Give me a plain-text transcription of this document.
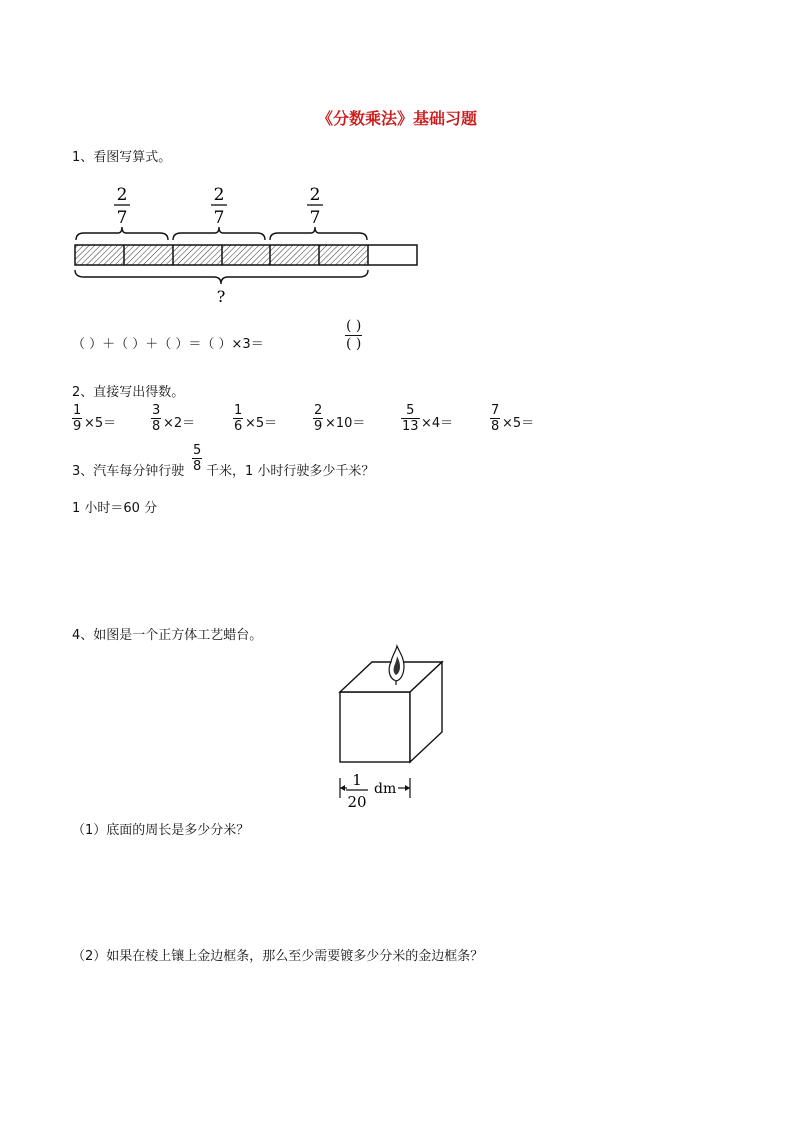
《分数乘法》基础习题
1、看图写算式。
2
7
2
7
2
7
?
（ ）＋（ ）＋（ ）＝（ ）×3＝
( )
( )
2、直接写出得数。
$\frac{1}{9} \times 5=$	$\frac{3}{8} \times 2=$	$\frac{1}{6} \times 5=$	$\frac{2}{9} \times 10=$	$\frac{5}{13} \times 4=$	$\frac{7}{8} \times 5=$
3、汽车每分钟行驶 $\frac{5}{8}$ 千米，1 小时行驶多少千米？
1 小时＝60 分
4、如图是一个正方体工艺蜡台。
1
20
dm
（1）底面的周长是多少分米？
（2）如果在棱上镶上金边框条，那么至少需要镀多少分米的金边框条？
